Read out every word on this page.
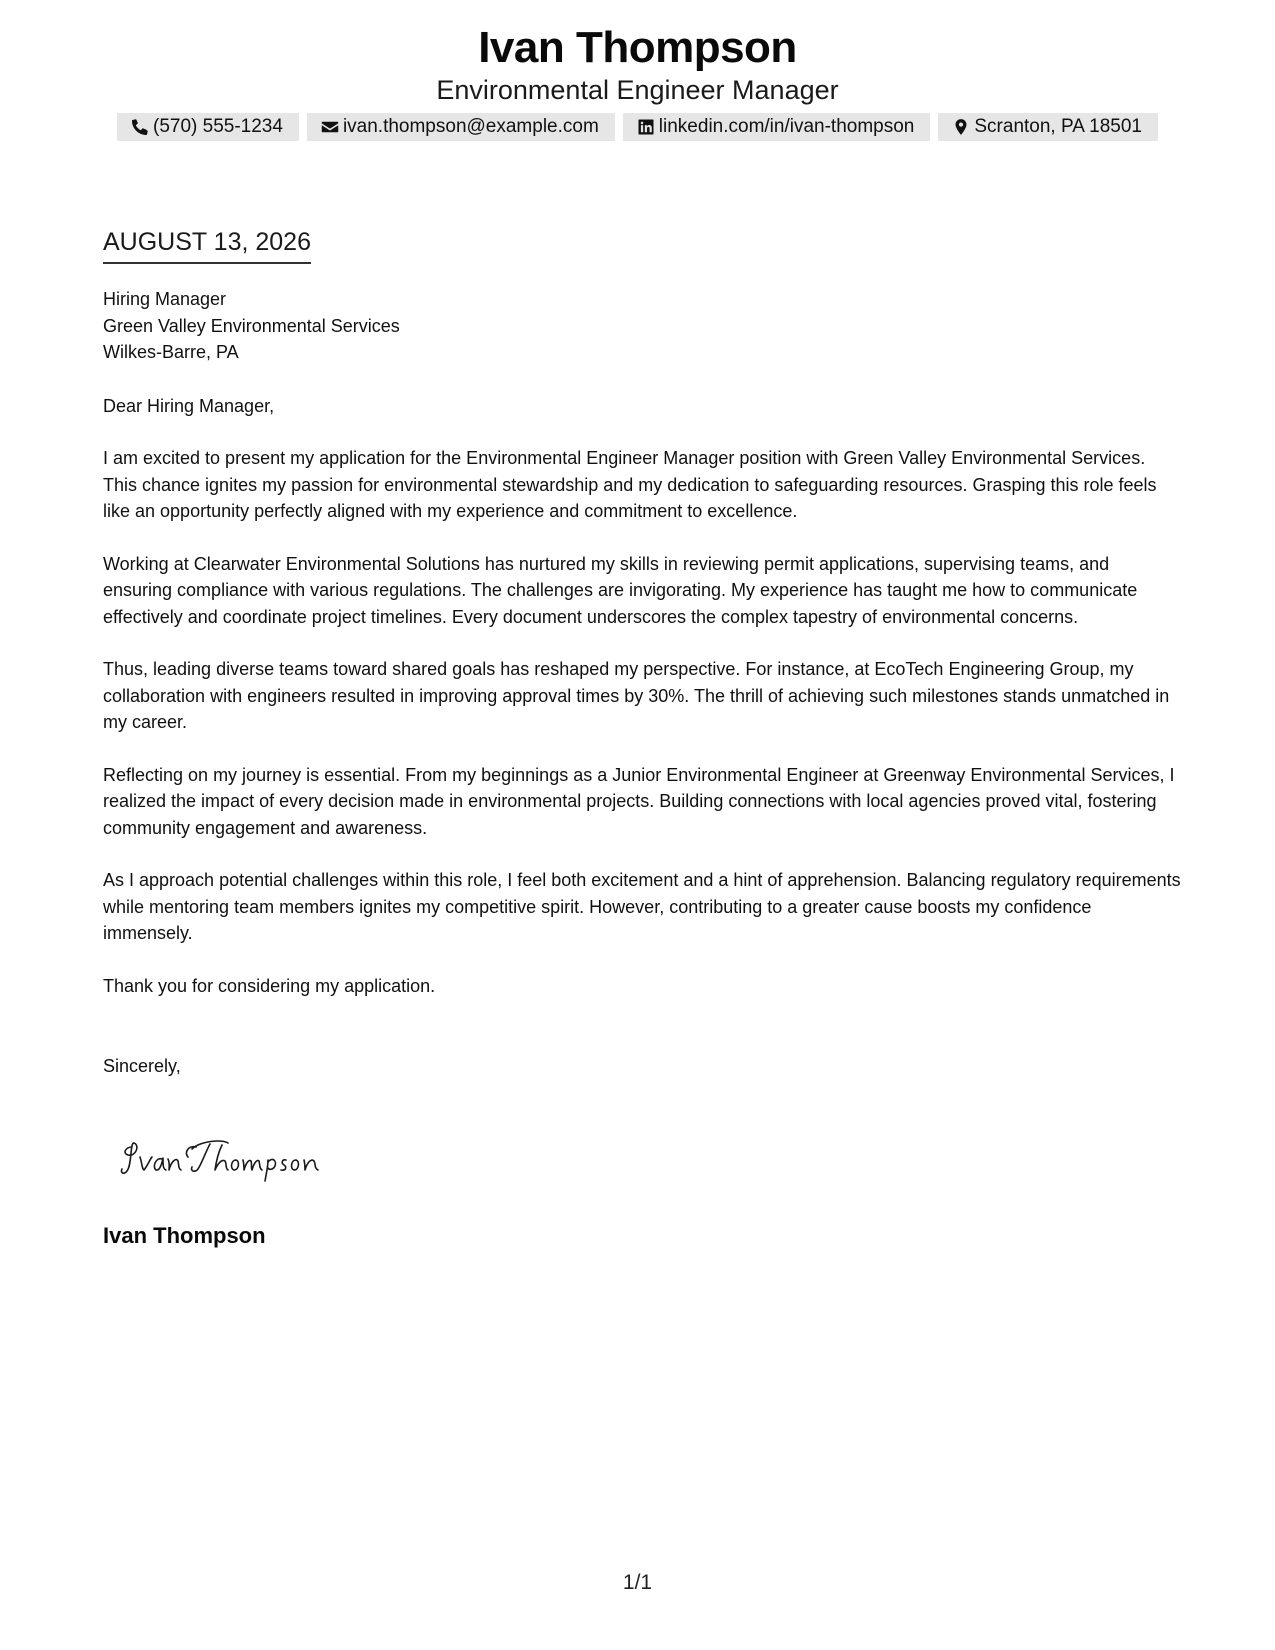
Ivan Thompson
Environmental Engineer Manager
(570) 555-1234	ivan.thompson@example.com	linkedin.com/in/ivan-thompson	Scranton, PA 18501
AUGUST 13, 2026
Hiring Manager
Green Valley Environmental Services
Wilkes-Barre, PA
Dear Hiring Manager,

I am excited to present my application for the Environmental Engineer Manager position with Green Valley Environmental Services. This chance ignites my passion for environmental stewardship and my dedication to safeguarding resources. Grasping this role feels like an opportunity perfectly aligned with my experience and commitment to excellence.

Working at Clearwater Environmental Solutions has nurtured my skills in reviewing permit applications, supervising teams, and ensuring compliance with various regulations. The challenges are invigorating. My experience has taught me how to communicate effectively and coordinate project timelines. Every document underscores the complex tapestry of environmental concerns.

Thus, leading diverse teams toward shared goals has reshaped my perspective. For instance, at EcoTech Engineering Group, my collaboration with engineers resulted in improving approval times by 30%. The thrill of achieving such milestones stands unmatched in my career.

Reflecting on my journey is essential. From my beginnings as a Junior Environmental Engineer at Greenway Environmental Services, I realized the impact of every decision made in environmental projects. Building connections with local agencies proved vital, fostering community engagement and awareness.

As I approach potential challenges within this role, I feel both excitement and a hint of apprehension. Balancing regulatory requirements while mentoring team members ignites my competitive spirit. However, contributing to a greater cause boosts my confidence immensely.

Thank you for considering my application.

Sincerely,
Ivan Thompson
1/1
